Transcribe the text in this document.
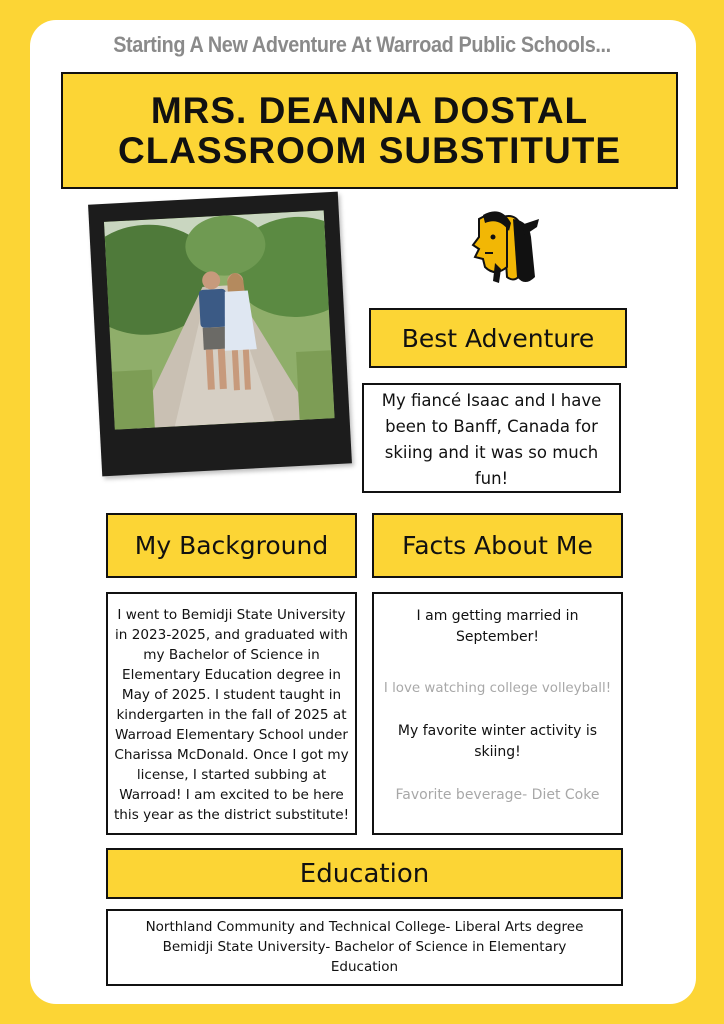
Starting A New Adventure At Warroad Public Schools...
MRS. DEANNA DOSTAL
CLASSROOM SUBSTITUTE
Best Adventure
My fiancé Isaac and I have been to Banff, Canada for skiing and it was so much fun!
My Background	Facts About Me
I went to Bemidji State University in 2023-2025, and graduated with my Bachelor of Science in Elementary Education degree in May of 2025. I student taught in kindergarten in the fall of 2025 at Warroad Elementary School under Charissa McDonald. Once I got my license, I started subbing at Warroad! I am excited to be here this year as the district substitute!

I am getting married in September!

I love watching college volleyball!

My favorite winter activity is skiing!

Favorite beverage- Diet Coke

Education
Northland Community and Technical College- Liberal Arts degree
Bemidji State University- Bachelor of Science in Elementary Education
